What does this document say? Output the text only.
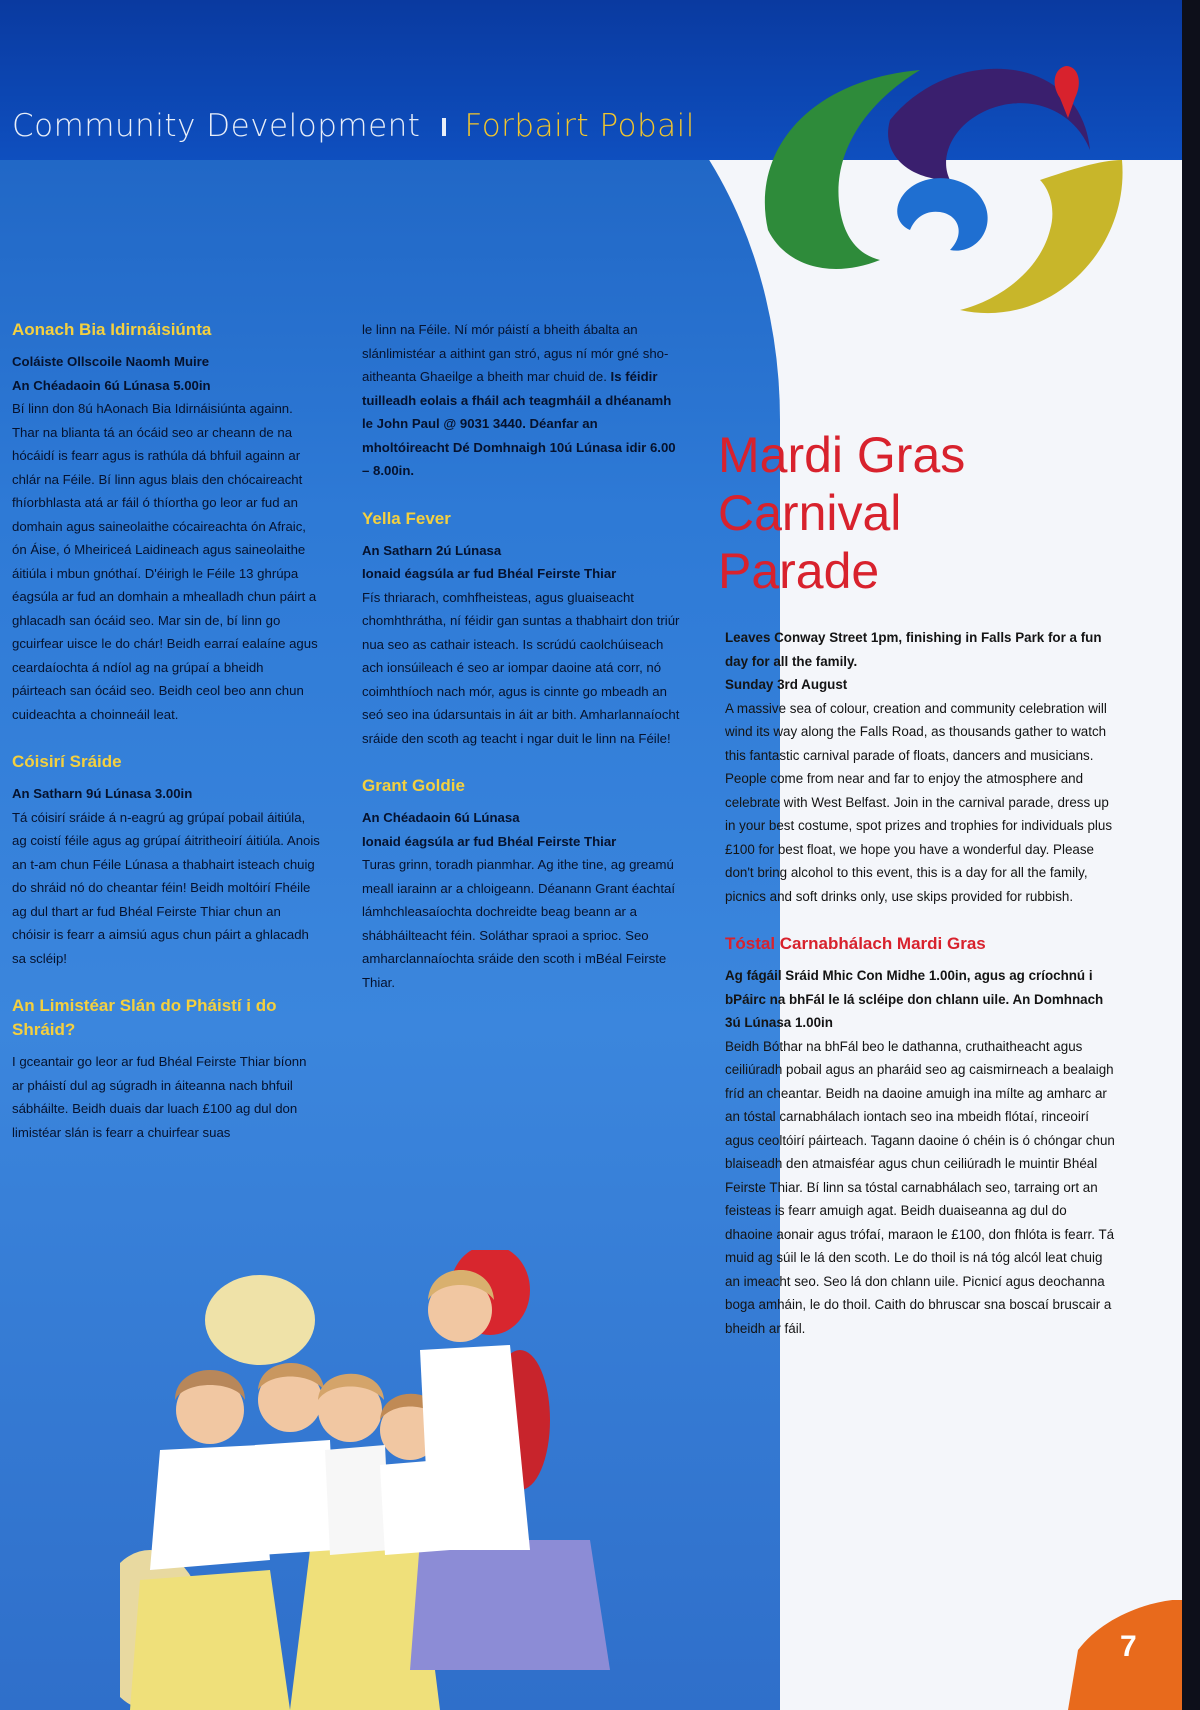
Community Development Forbairt Pobail

Aonach Bia Idirnáisiúnta

Coláiste Ollscoile Naomh Muire

An Chéadaoin 6ú Lúnasa 5.00in

Bí linn don 8ú hAonach Bia Idirnáisiúnta againn. Thar na blianta tá an ócáid seo ar cheann de na hócáidí is fearr agus is rathúla dá bhfuil againn ar chlár na Féile. Bí linn agus blais den chócaireacht fhíorbhlasta atá ar fáil ó thíortha go leor ar fud an domhain agus saineolaithe cócaireachta ón Afraic, ón Áise, ó Mheiriceá Laidineach agus saineolaithe áitiúla i mbun gnóthaí. D'éirigh le Féile 13 ghrúpa éagsúla ar fud an domhain a mhealladh chun páirt a ghlacadh san ócáid seo. Mar sin de, bí linn go gcuirfear uisce le do chár! Beidh earraí ealaíne agus ceardaíochta á ndíol ag na grúpaí a bheidh páirteach san ócáid seo. Beidh ceol beo ann chun cuideachta a choinneáil leat.

Cóisirí Sráide

An Satharn 9ú Lúnasa 3.00in

Tá cóisirí sráide á n-eagrú ag grúpaí pobail áitiúla, ag coistí féile agus ag grúpaí áitritheoirí áitiúla. Anois an t-am chun Féile Lúnasa a thabhairt isteach chuig do shráid nó do cheantar féin! Beidh moltóirí Fhéile ag dul thart ar fud Bhéal Feirste Thiar chun an chóisir is fearr a aimsiú agus chun páirt a ghlacadh sa scléip!

An Limistéar Slán do Pháistí i do Shráid?

I gceantair go leor ar fud Bhéal Feirste Thiar bíonn ar pháistí dul ag súgradh in áiteanna nach bhfuil sábháilte. Beidh duais dar luach £100 ag dul don limistéar slán is fearr a chuirfear suas

le linn na Féile. Ní mór páistí a bheith ábalta an slánlimistéar a aithint gan stró, agus ní mór gné sho-aitheanta Ghaeilge a bheith mar chuid de. Is féidir tuilleadh eolais a fháil ach teagmháil a dhéanamh le John Paul @ 9031 3440. Déanfar an mholtóireacht Dé Domhnaigh 10ú Lúnasa idir 6.00 – 8.00in.

Yella Fever

An Satharn 2ú Lúnasa

Ionaid éagsúla ar fud Bhéal Feirste Thiar

Fís thriarach, comhfheisteas, agus gluaiseacht chomhthráthа, ní féidir gan suntas a thabhairt don triúr nua seo as cathair isteach. Is scrúdú caolchúiseach ach ionsúileach é seo ar iompar daoine atá corr, nó coimhthíoch nach mór, agus is cinnte go mbeadh an seó seo ina údarsuntais in áit ar bith. Amharlannaíocht sráide den scoth ag teacht i ngar duit le linn na Féile!

Grant Goldie

An Chéadaoin 6ú Lúnasa

Ionaid éagsúla ar fud Bhéal Feirste Thiar

Turas grinn, toradh pianmhar. Ag ithe tine, ag greamú meall iarainn ar a chloigeann. Déanann Grant éachtaí lámhchleasaíochta dochreidte beag beann ar a shábháilteacht féin. Soláthar spraoi a sprioc. Seo amharclannaíochta sráide den scoth i mBéal Feirste Thiar.

Mardi Gras
Carnival
Parade

Leaves Conway Street 1pm, finishing in Falls Park for a fun day for all the family.

Sunday 3rd August

A massive sea of colour, creation and community celebration will wind its way along the Falls Road, as thousands gather to watch this fantastic carnival parade of floats, dancers and musicians. People come from near and far to enjoy the atmosphere and celebrate with West Belfast. Join in the carnival parade, dress up in your best costume, spot prizes and trophies for individuals plus £100 for best float, we hope you have a wonderful day. Please don't bring alcohol to this event, this is a day for all the family, picnics and soft drinks only, use skips provided for rubbish.

Tóstal Carnabhálach Mardi Gras

Ag fágáil Sráid Mhic Con Midhe 1.00in, agus ag críochnú i bPáirc na bhFál le lá scléipe don chlann uile. An Domhnach 3ú Lúnasa 1.00in

Beidh Bóthar na bhFál beo le dathanna, cruthaitheacht agus ceiliúradh pobail agus an pharáid seo ag caismirneach a bealaigh fríd an cheantar. Beidh na daoine amuigh ina mílte ag amharc ar an tóstal carnabhálach iontach seo ina mbeidh flótaí, rinceoirí agus ceoltóirí páirteach. Tagann daoine ó chéin is ó chóngar chun blaiseadh den atmaisféar agus chun ceiliúradh le muintir Bhéal Feirste Thiar. Bí linn sa tóstal carnabhálach seo, tarraing ort an feisteas is fearr amuigh agat. Beidh duaiseanna ag dul do dhaoine aonair agus trófaí, maraon le £100, don fhlóta is fearr. Tá muid ag súil le lá den scoth. Le do thoil is ná tóg alcól leat chuig an imeacht seo. Seo lá don chlann uile. Picnicí agus deochanna boga amháin, le do thoil. Caith do bhruscar sna boscaí bruscair a bheidh ar fáil.

7
